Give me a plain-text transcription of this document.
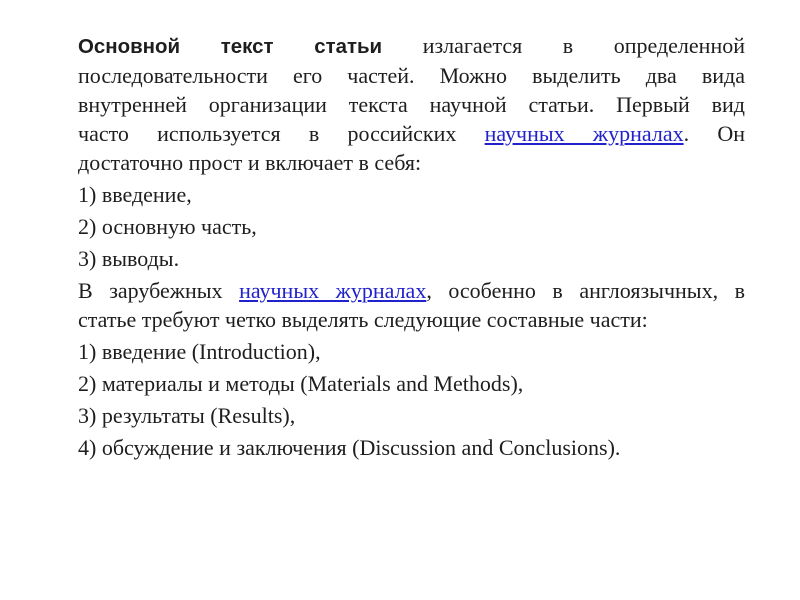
Основной текст статьи излагается в определенной
последовательности его частей. Можно выделить два вида
внутренней организации текста научной статьи. Первый вид
часто используется в российских научных журналах. Он
достаточно прост и включает в себя:

1) введение,

2) основную часть,

3) выводы.

В зарубежных научных журналах, особенно в англоязычных, в
статье требуют четко выделять следующие составные части:

1) введение (Introduction),

2) материалы и методы (Materials and Methods),

3) результаты (Results),

4) обсуждение и заключения (Discussion and Conclusions).
